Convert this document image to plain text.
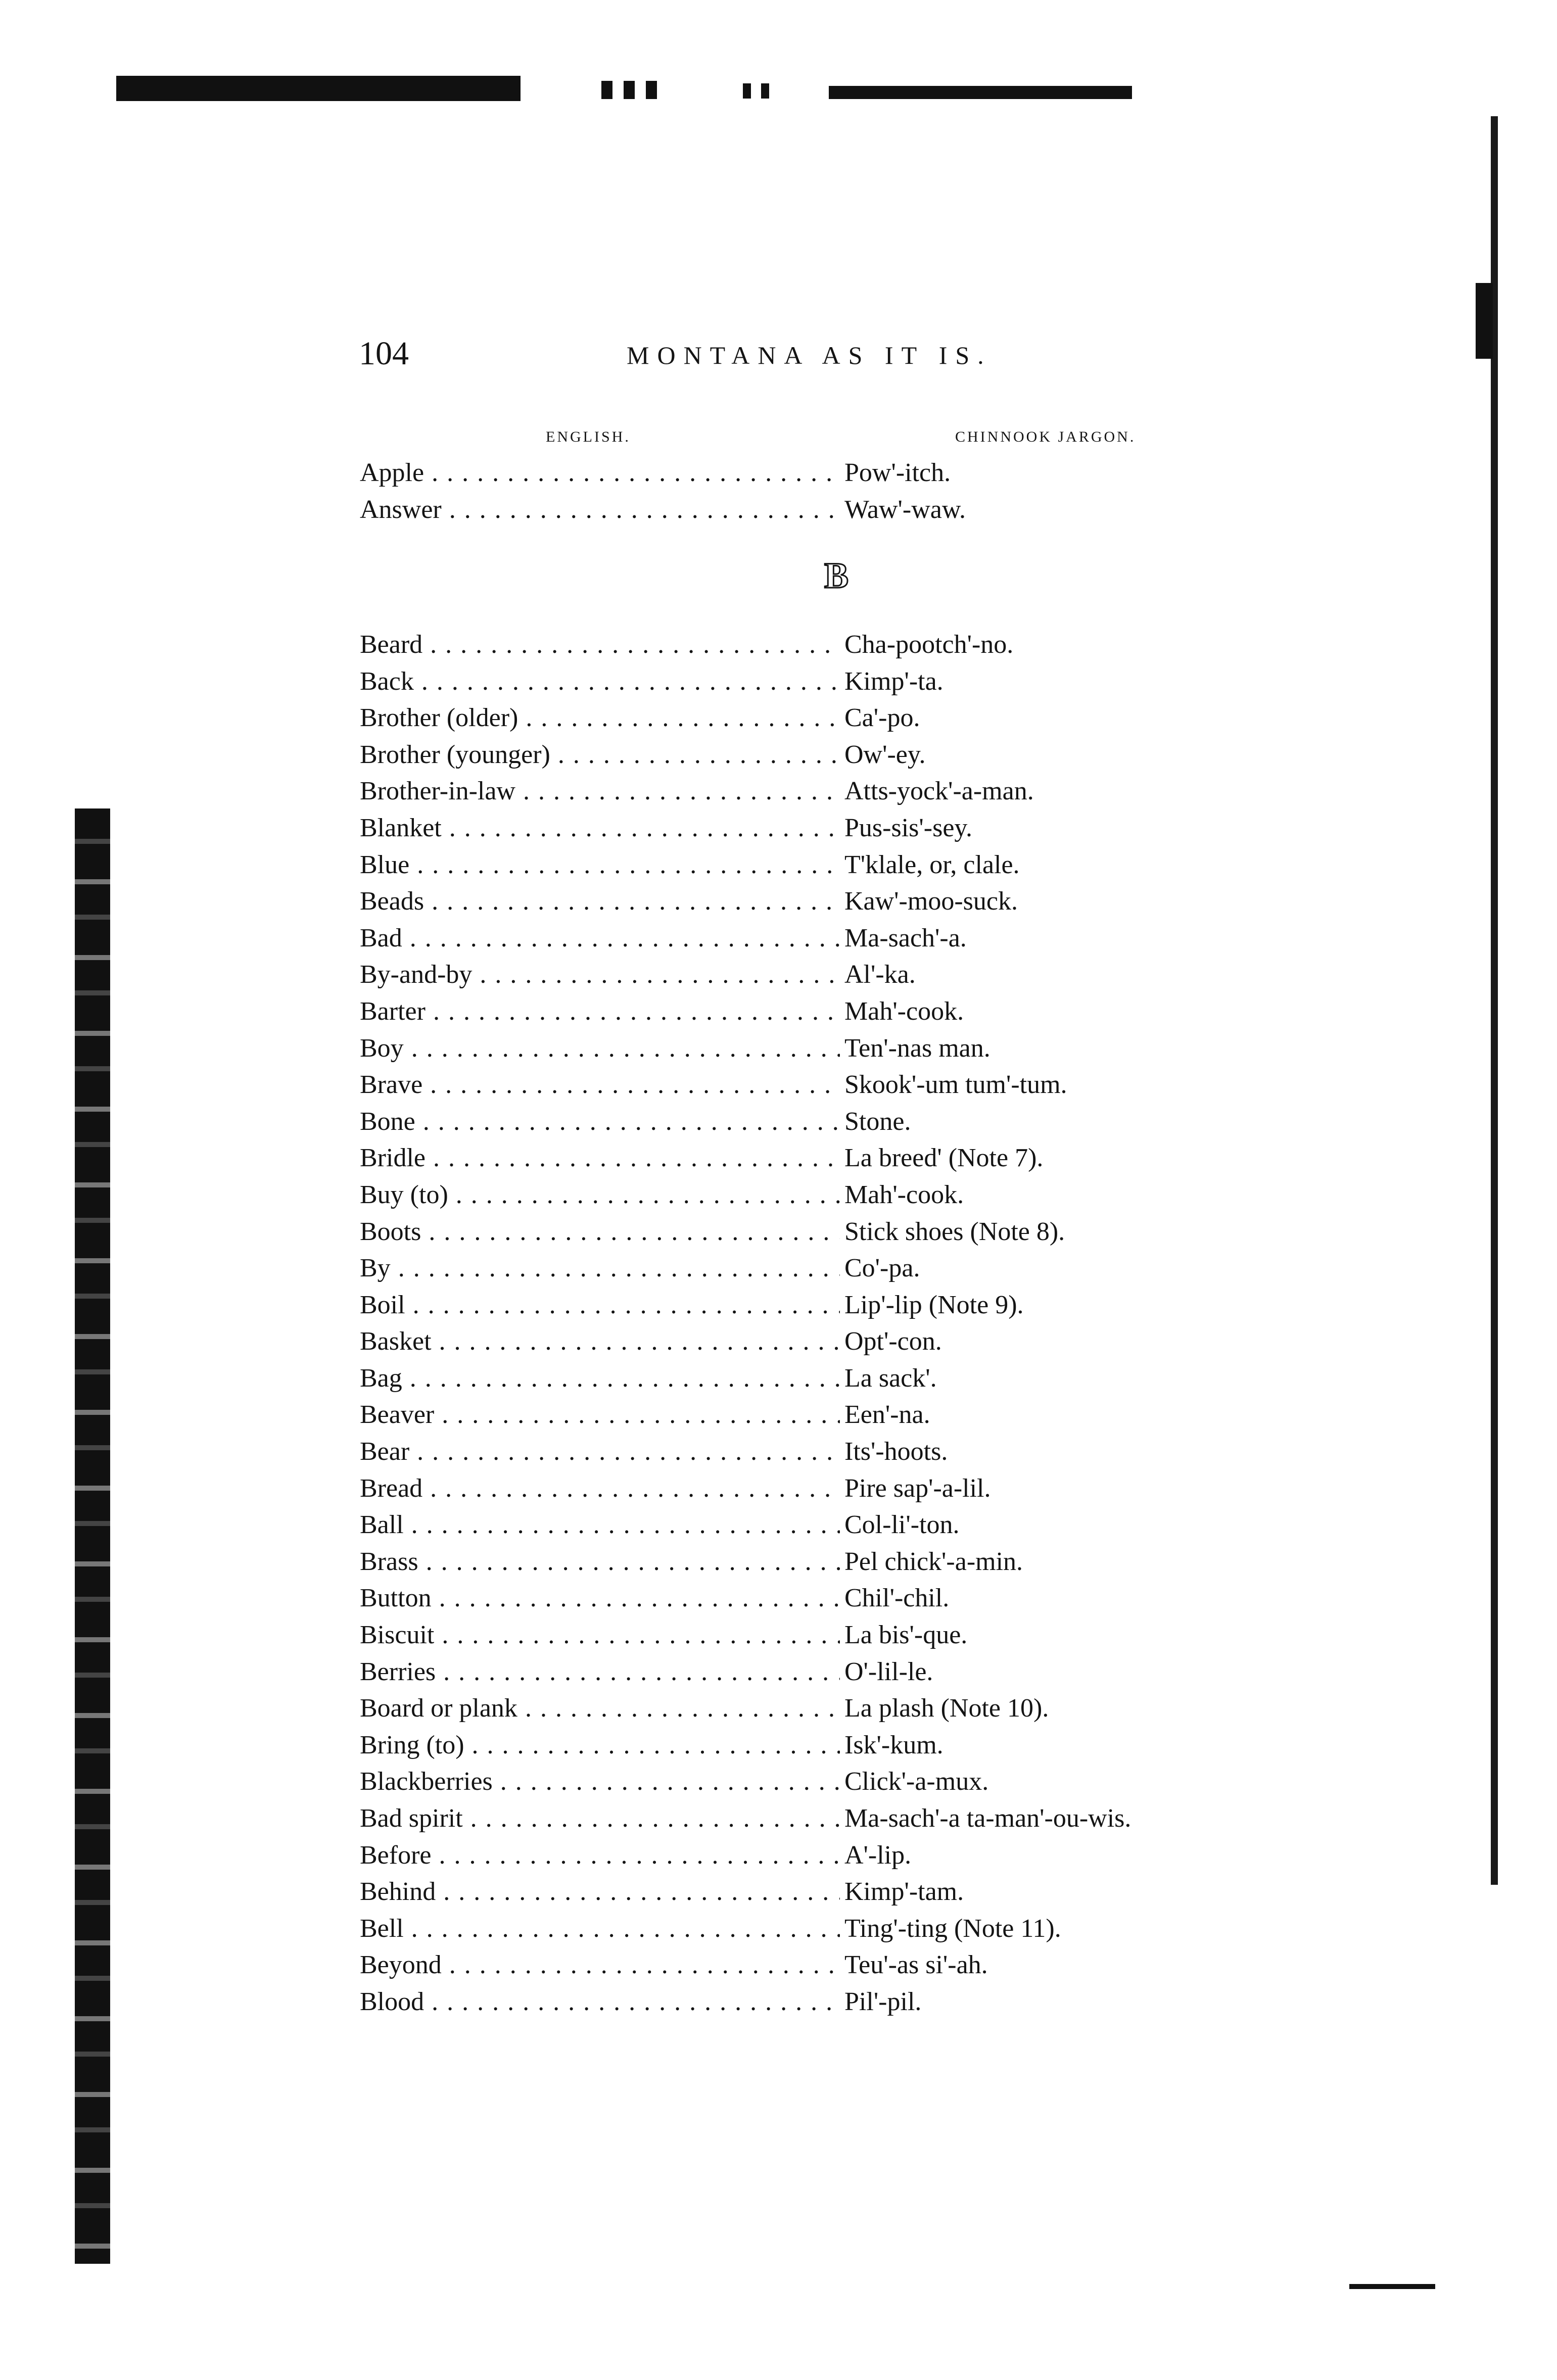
104	MONTANA AS IT IS.
ENGLISH.	CHINNOOK JARGON.
Apple . . .	Pow'-itch.
Answer . . .	Waw'-waw.
B
Beard . . .	Cha-pootch'-no.
Back . . .	Kimp'-ta.
Brother (older) . . .	Ca'-po.
Brother (younger) . . .	Ow'-ey.
Brother-in-law . . .	Atts-yock'-a-man.
Blanket . . .	Pus-sis'-sey.
Blue . . .	T'klale, or, clale.
Beads . . .	Kaw'-moo-suck.
Bad . . .	Ma-sach'-a.
By-and-by . . .	Al'-ka.
Barter . . .	Mah'-cook.
Boy . . .	Ten'-nas man.
Brave . . .	Skook'-um tum'-tum.
Bone . . .	Stone.
Bridle . . .	La breed' (Note 7).
Buy (to) . . .	Mah'-cook.
Boots . . .	Stick shoes (Note 8).
By . . .	Co'-pa.
Boil . . .	Lip'-lip (Note 9).
Basket . . .	Opt'-con.
Bag . . .	La sack'.
Beaver . . .	Een'-na.
Bear . . .	Its'-hoots.
Bread . . .	Pire sap'-a-lil.
Ball . . .	Col-li'-ton.
Brass . . .	Pel chick'-a-min.
Button . . .	Chil'-chil.
Biscuit . . .	La bis'-que.
Berries . . .	O'-lil-le.
Board or plank . . .	La plash (Note 10).
Bring (to) . . .	Isk'-kum.
Blackberries . . .	Click'-a-mux.
Bad spirit . . .	Ma-sach'-a ta-man'-ou-wis.
Before . . .	A'-lip.
Behind . . .	Kimp'-tam.
Bell . . .	Ting'-ting (Note 11).
Beyond . . .	Teu'-as si'-ah.
Blood . . .	Pil'-pil.
